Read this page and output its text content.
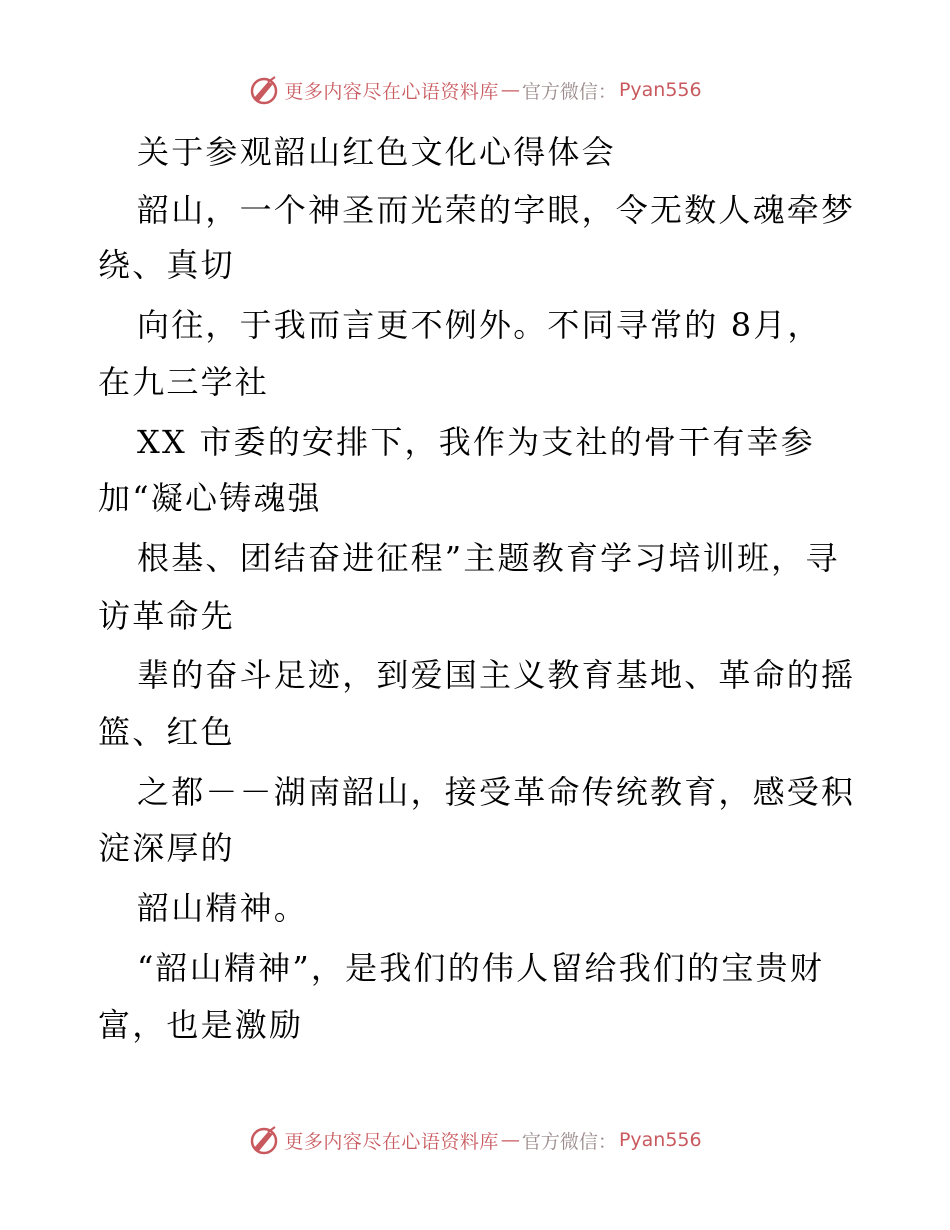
更多内容尽在心语资料库 — 官方微信： Pyan556
关于参观韶山红色文化心得体会
韶山，一个神圣而光荣的字眼，令无数人魂牵梦
绕、真切
向往，于我而言更不例外。不同寻常的 8月，
在九三学社
XX 市委的安排下，我作为支社的骨干有幸参
加“凝心铸魂强
根基、团结奋进征程”主题教育学习培训班，寻
访革命先
辈的奋斗足迹，到爱国主义教育基地、革命的摇
篮、红色
之都－－湖南韶山，接受革命传统教育，感受积
淀深厚的
韶山精神。
“韶山精神”，是我们的伟人留给我们的宝贵财
富，也是激励
更多内容尽在心语资料库 — 官方微信： Pyan556
